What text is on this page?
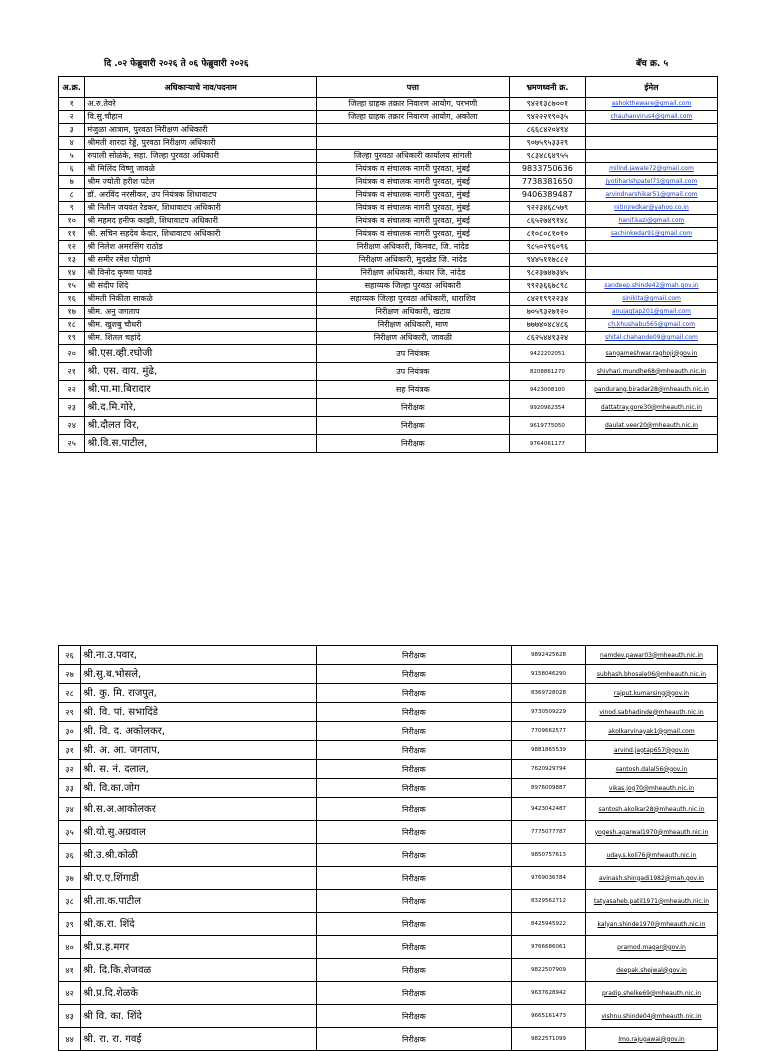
दि .०२ फेब्रुवारी २०२६ ते ०६ फेब्रुवारी २०२६	बॅच क्र. ५
अ.क्र.	अधिकाऱ्याचे नाव/पदनाम	पत्ता	भ्रमणध्वनी क्र.	ईमेल
१	अ.रु.तेवरे	जिल्हा ग्राहक तक्रार निवारण आयोग, परभणी	९४२१३८७००१	ashoktheware@gmail.com
२	वि.सु.चौहान	जिल्हा ग्राहक तक्रार निवारण आयोग, अकोला	९४२२२१९०३५	chauhanvirus4@gmail.com
३	मंजुळा आत्राम, पुरवठा निरीक्षण अधिकारी		८६६८४२०४९४	
४	श्रीमती शारदा रेड्डे, पुरवठा निरीक्षण अधिकारी		९०७५९५३३२९	
५	रुपाली सोळंके, सहा. जिल्हा पुरवठा अधिकारी	जिल्हा पुरवठा अधिकारी कार्यालय सांगली	९८३४८६४९५५	
६	श्री मिलिंद विष्णु जावळे	नियंत्रक व संचालक नागरी पुरवठा, मुंबई	9833750636	milind.jawale72@gmail.com
७	श्रीम ज्योती हरीश पटेल	नियंत्रक व संचालक नागरी पुरवठा, मुंबई	7738381650	jyotiharishpatel71@gmail.com
८	डॉ. अरविंद नरसीकर, उप नियंत्रक शिधावाटप	नियंत्रक व संचालक नागरी पुरवठा, मुंबई	9406389487	arvindnarshikar51@gmail.com
९	श्री नितीन जयवंत रेडकर, शिधावाटप अधिकारी	नियंत्रक व संचालक नागरी पुरवठा, मुंबई	९२२३४६८५७९	nitinjredkar@yahoo.co.in
१०	श्री महमद हनीफ काझी, शिधावाटप अधिकारी	नियंत्रक व संचालक नागरी पुरवठा, मुंबई	८६५२७४९१४८	hanif.kazi@gmail.com
११	श्री. सचिन सहदेव केदार, शिधावाटप अधिकारी	नियंत्रक व संचालक नागरी पुरवठा, मुंबई	८१०८०८१०१०	sachinkedar91@gmail.com
१२	श्री निलेश अमरसिंग राठोड	निरीक्षण अधिकारी, किनवट, जि. नांदेड	९८५०२९६०९६	
१३	श्री समीर रमेश पोहाणे	निरीक्षण अधिकारी, मुदखेड जि. नांदेड	९४४५११७८८२	
१४	श्री विनोद कृष्णा पावडे	निरीक्षण अधिकारी, कंधार जि. नांदेड	९८२३७४७३४५	
१५	श्री संदीप शिंदे	सहाय्यक जिल्हा पुरवठा अधिकारी	९९२३६६७८९८	sandeep.shinde42@mah.gov.in
१६	श्रीमती निकीता साकळे	सहाय्यक जिल्हा पुरवठा अधिकारी, धाराशिव	८४२१९९२२३४	sinikita@gmail.com
१७	श्रीम. अनु जगताप	निरीक्षण अधिकारी, खटाव	७०५९३२७१२०	anujagtap201@gmail.com
१८	श्रीम. खुशबु चौधरी	निरीक्षण अधिकारी, माण	७७७४०४८४८६	ch.khushabu565@gmail.com
१९	श्रीम. शितल चहांदे	निरीक्षण अधिकारी, जावळी	८६२५४४१३२४	shital.chahande09@gmail.com
२०	श्री.एस.व्ही.रघोजी	उप नियंत्रक	9422202051	sangameshwar.raghoji@gov.in
२१	श्री. एस. वाय. मुंढे,	उप नियंत्रक	8208861270	shivhari.mundhe68@mheauth.nic.in
२२	श्री.पा.मा.बिरादार	सह नियंत्रक	9423008100	pandurang.biradar28@mheauth.nic.in
२३	श्री.द.मि.गोरे,	निरीक्षक	9920962354	dattatray.gore30@mheauth.nic.in
२४	श्री.दौलत विर,	निरीक्षक	9619775050	daulat.veer20@mheauth.nic.in
२५	श्री.वि.स.पाटील,	निरीक्षक	9764061177	
२६	श्री.ना.उ.पवार,	निरीक्षक	9892425628	namdev.pawar03@mheauth.nic.in
२७	श्री.सु.ब.भोसले,	निरीक्षक	9158046290	subhash.bhosale06@mheauth.nic.in
२८	श्री. कु. मि. राजपुत,	निरीक्षक	8369728028	rajput.kumarsing@gov.in
२९	श्री. वि. पां. सभादिंडे	निरीक्षक	9730509229	vinod.sabhadinde@mheauth.nic.in
३०	श्री. वि. द. अकोलकर,	निरीक्षक	7709662577	akolkarvinayak1@gmail.com
३१	श्री. अ. आ. जगताप,	निरीक्षक	9881865539	arvind.jagtap657@gov.in
३२	श्री. स. नं. दलाल,	निरीक्षक	7620929794	santosh.dalal56@gov.in
३३	श्री. वि.का.जोग	निरीक्षक	8976009887	vikas.jog70@mheauth.nic.in
३४	श्री.स.अ.आकोलकर	निरीक्षक	9423042487	santosh.akolkar28@mheauth.nic.in
३५	श्री.यो.सु.अग्रवाल	निरीक्षक	7775077787	yogesh.agarwal1970@mheauth.nic.in
३६	श्री.उ.श्री.कोळी	निरीक्षक	9850757613	uday.s.koli76@mheauth.nic.in
३७	श्री.ए.ए.शिंगाडी	निरीक्षक	9769036784	avinash.shingadi1982@mah.gov.in
३८	श्री.ता.क.पाटील	निरीक्षक	8329562712	tatyasaheb.patil1971@mheauth.nic.in
३९	श्री.क.रा. शिंदे	निरीक्षक	8425945922	kalyan.shinde1970@mheauth.nic.in
४०	श्री.प्र.ह.मगर	निरीक्षक	9766686061	pramod.magar@gov.in
४१	श्री. दि.कि.शेजवळ	निरीक्षक	9822507909	deepak.shejwal@gov.in
४२	श्री.प्र.दि.शेळके	निरीक्षक	9637628942	pradip.shelke69@mheauth.nic.in
४३	श्री वि. का. शिंदे	निरीक्षक	9665161473	vishnu.shinde04@mheauth.nic.in
४४	श्री. रा. रा. गवई	निरीक्षक	9822571099	lmo.rajugawai@gov.in
